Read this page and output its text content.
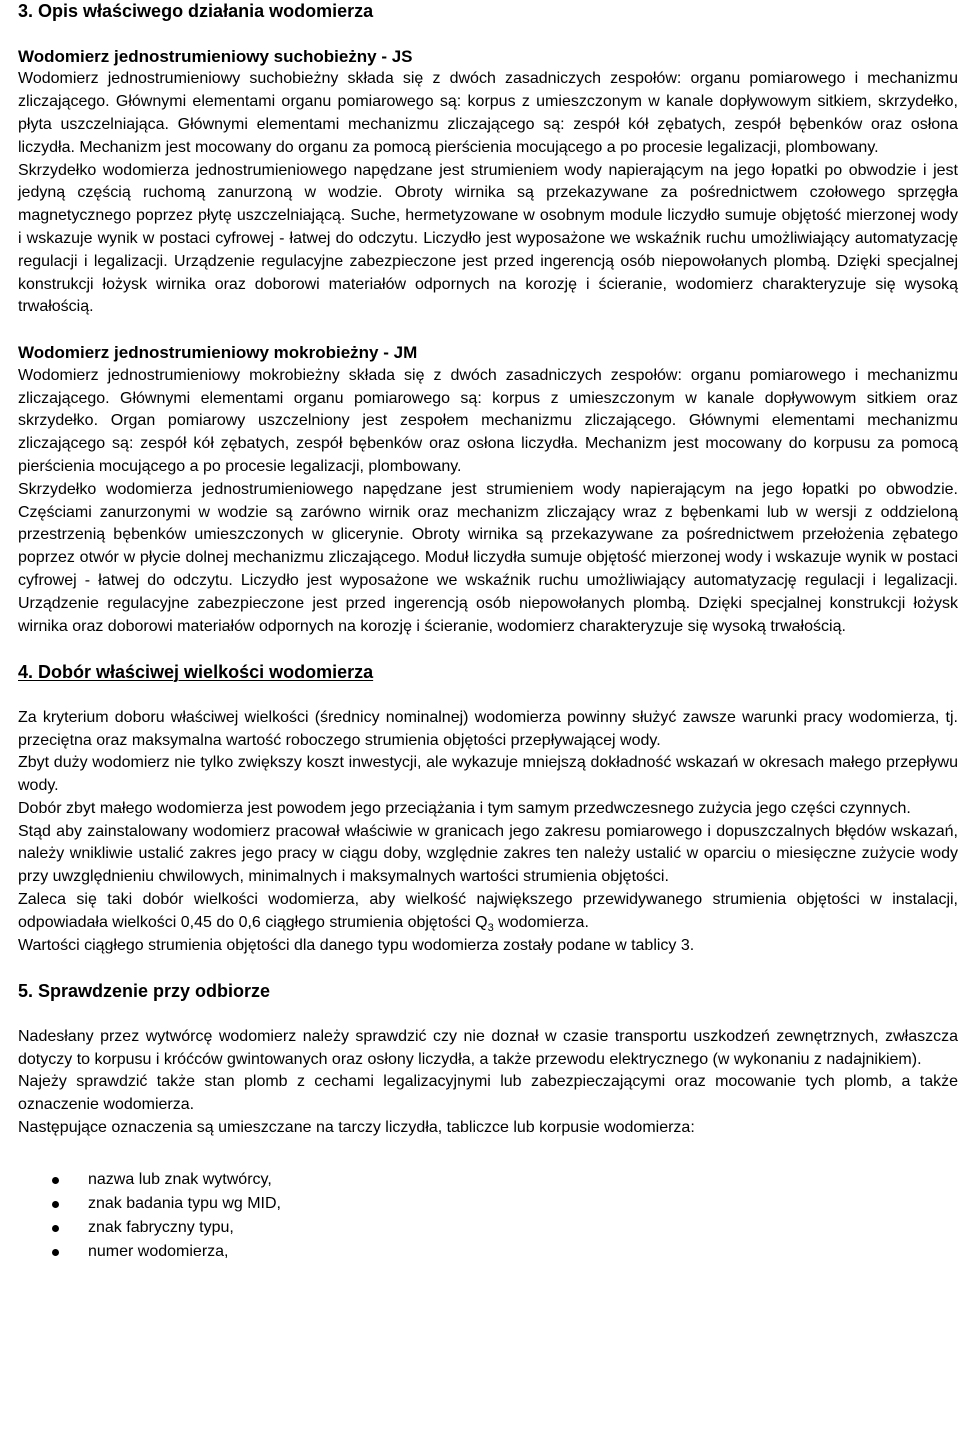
3. Opis właściwego działania wodomierza
Wodomierz jednostrumieniowy suchobieżny - JS

Wodomierz jednostrumieniowy suchobieżny składa się z dwóch zasadniczych zespołów: organu pomiarowego i mechanizmu zliczającego. Głównymi elementami organu pomiarowego są: korpus z umieszczonym w kanale dopływowym sitkiem, skrzydełko, płyta uszczelniająca. Głównymi elementami mechanizmu zliczającego są: zespół kół zębatych, zespół bębenków oraz osłona liczydła. Mechanizm jest mocowany do organu za pomocą pierścienia mocującego a po procesie legalizacji, plombowany.

Skrzydełko wodomierza jednostrumieniowego napędzane jest strumieniem wody napierającym na jego łopatki po obwodzie i jest jedyną częścią ruchomą zanurzoną w wodzie. Obroty wirnika są przekazywane za pośrednictwem czołowego sprzęgła magnetycznego poprzez płytę uszczelniającą. Suche, hermetyzowane w osobnym module liczydło sumuje objętość mierzonej wody i wskazuje wynik w postaci cyfrowej - łatwej do odczytu. Liczydło jest wyposażone we wskaźnik ruchu umożliwiający automatyzację regulacji i legalizacji. Urządzenie regulacyjne zabezpieczone jest przed ingerencją osób niepowołanych plombą. Dzięki specjalnej konstrukcji łożysk wirnika oraz doborowi materiałów odpornych na korozję i ścieranie, wodomierz charakteryzuje się wysoką trwałością.

Wodomierz jednostrumieniowy mokrobieżny - JM

Wodomierz jednostrumieniowy mokrobieżny składa się z dwóch zasadniczych zespołów: organu pomiarowego i mechanizmu zliczającego. Głównymi elementami organu pomiarowego są: korpus z umieszczonym w kanale dopływowym sitkiem oraz skrzydełko. Organ pomiarowy uszczelniony jest zespołem mechanizmu zliczającego. Głównymi elementami mechanizmu zliczającego są: zespół kół zębatych, zespół bębenków oraz osłona liczydła. Mechanizm jest mocowany do korpusu za pomocą pierścienia mocującego a po procesie legalizacji, plombowany.

Skrzydełko wodomierza jednostrumieniowego napędzane jest strumieniem wody napierającym na jego łopatki po obwodzie. Częściami zanurzonymi w wodzie są zarówno wirnik oraz mechanizm zliczający wraz z bębenkami lub w wersji z oddzieloną przestrzenią bębenków umieszczonych w glicerynie. Obroty wirnika są przekazywane za pośrednictwem przełożenia zębatego poprzez otwór w płycie dolnej mechanizmu zliczającego. Moduł liczydła sumuje objętość mierzonej wody i wskazuje wynik w postaci cyfrowej - łatwej do odczytu. Liczydło jest wyposażone we wskaźnik ruchu umożliwiający automatyzację regulacji i legalizacji. Urządzenie regulacyjne zabezpieczone jest przed ingerencją osób niepowołanych plombą. Dzięki specjalnej konstrukcji łożysk wirnika oraz doborowi materiałów odpornych na korozję i ścieranie, wodomierz charakteryzuje się wysoką trwałością.

4. Dobór właściwej wielkości wodomierza

Za kryterium doboru właściwej wielkości (średnicy nominalnej) wodomierza powinny służyć zawsze warunki pracy wodomierza, tj. przeciętna oraz maksymalna wartość roboczego strumienia objętości przepływającej wody.

Zbyt duży wodomierz nie tylko zwiększy koszt inwestycji, ale wykazuje mniejszą dokładność wskazań w okresach małego przepływu wody.

Dobór zbyt małego wodomierza jest powodem jego przeciążania i tym samym przedwczesnego zużycia jego części czynnych.

Stąd aby zainstalowany wodomierz pracował właściwie w granicach jego zakresu pomiarowego i dopuszczalnych błędów wskazań, należy wnikliwie ustalić zakres jego pracy w ciągu doby, względnie zakres ten należy ustalić w oparciu o miesięczne zużycie wody przy uwzględnieniu chwilowych, minimalnych i maksymalnych wartości strumienia objętości.

Zaleca się taki dobór wielkości wodomierza, aby wielkość największego przewidywanego strumienia objętości w instalacji, odpowiadała wielkości 0,45 do 0,6 ciągłego strumienia objętości $Q_3$ wodomierza.

Wartości ciągłego strumienia objętości dla danego typu wodomierza zostały podane w tablicy 3.

5. Sprawdzenie przy odbiorze

Nadesłany przez wytwórcę wodomierz należy sprawdzić czy nie doznał w czasie transportu uszkodzeń zewnętrznych, zwłaszcza dotyczy to korpusu i króćców gwintowanych oraz osłony liczydła, a także przewodu elektrycznego (w wykonaniu z nadajnikiem).

Najeży sprawdzić także stan plomb z cechami legalizacyjnymi lub zabezpieczającymi oraz mocowanie tych plomb, a także oznaczenie wodomierza.

Następujące oznaczenia są umieszczane na tarczy liczydła, tabliczce lub korpusie wodomierza:

nazwa lub znak wytwórcy,
znak badania typu wg MID,
znak fabryczny typu,
numer wodomierza,
